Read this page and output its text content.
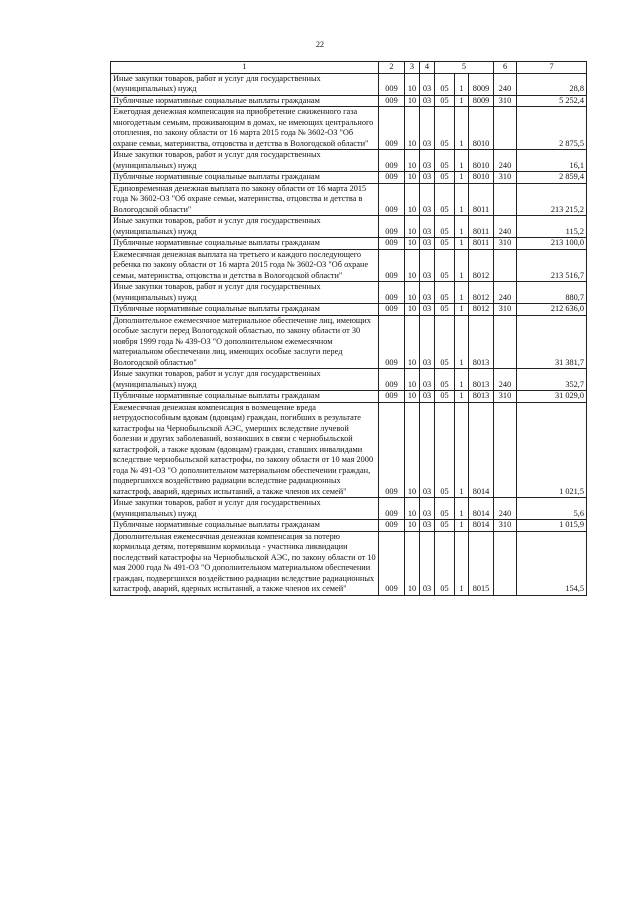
22
1	2	3	4	5			6	7
Иные закупки товаров, работ и услуг для государственных (муниципальных) нужд	009	10	03	05	1	8009	240	28,8
Публичные нормативные социальные выплаты гражданам	009	10	03	05	1	8009	310	5 252,4
Ежегодная денежная компенсация на приобретение сжиженного газа многодетным семьям, проживающим в домах, не имеющих центрального отопления, по закону области от 16 марта 2015 года № 3602-ОЗ "Об охране семьи, материнства, отцовства и детства в Вологодской области"	009	10	03	05	1	8010		2 875,5
Иные закупки товаров, работ и услуг для государственных (муниципальных) нужд	009	10	03	05	1	8010	240	16,1
Публичные нормативные социальные выплаты гражданам	009	10	03	05	1	8010	310	2 859,4
Единовременная денежная выплата по закону области от 16 марта 2015 года № 3602-ОЗ "Об охране семьи, материнства, отцовства и детства в Вологодской области"	009	10	03	05	1	8011		213 215,2
Иные закупки товаров, работ и услуг для государственных (муниципальных) нужд	009	10	03	05	1	8011	240	115,2
Публичные нормативные социальные выплаты гражданам	009	10	03	05	1	8011	310	213 100,0
Ежемесячная денежная выплата на третьего и каждого последующего ребенка по закону области от 16 марта 2015 года № 3602-ОЗ "Об охране семьи, материнства, отцовства и детства в Вологодской области"	009	10	03	05	1	8012		213 516,7
Иные закупки товаров, работ и услуг для государственных (муниципальных) нужд	009	10	03	05	1	8012	240	880,7
Публичные нормативные социальные выплаты гражданам	009	10	03	05	1	8012	310	212 636,0
Дополнительное ежемесячное материальное обеспечение лиц, имеющих особые заслуги перед Вологодской областью, по закону области от 30 ноября 1999 года № 439-ОЗ "О дополнительном ежемесячном материальном обеспечении лиц, имеющих особые заслуги перед Вологодской областью"	009	10	03	05	1	8013		31 381,7
Иные закупки товаров, работ и услуг для государственных (муниципальных) нужд	009	10	03	05	1	8013	240	352,7
Публичные нормативные социальные выплаты гражданам	009	10	03	05	1	8013	310	31 029,0
Ежемесячная денежная компенсация в возмещение вреда нетрудоспособным вдовам (вдовцам) граждан, погибших в результате катастрофы на Чернобыльской АЭС, умерших вследствие лучевой болезни и других заболеваний, возникших в связи с чернобыльской катастрофой, а также вдовам (вдовцам) граждан, ставших инвалидами вследствие чернобыльской катастрофы, по закону области от 10 мая 2000 года № 491-ОЗ "О дополнительном материальном обеспечении граждан, подвергшихся воздействию радиации вследствие радиационных катастроф, аварий, ядерных испытаний, а также членов их семей"	009	10	03	05	1	8014		1 021,5
Иные закупки товаров, работ и услуг для государственных (муниципальных) нужд	009	10	03	05	1	8014	240	5,6
Публичные нормативные социальные выплаты гражданам	009	10	03	05	1	8014	310	1 015,9
Дополнительная ежемесячная денежная компенсация за потерю кормильца детям, потерявшим кормильца - участника ликвидации последствий катастрофы на Чернобыльской АЭС, по закону области от 10 мая 2000 года № 491-ОЗ "О дополнительном материальном обеспечении граждан, подвергшихся воздействию радиации вследствие радиационных катастроф, аварий, ядерных испытаний, а также членов их семей"	009	10	03	05	1	8015		154,5
